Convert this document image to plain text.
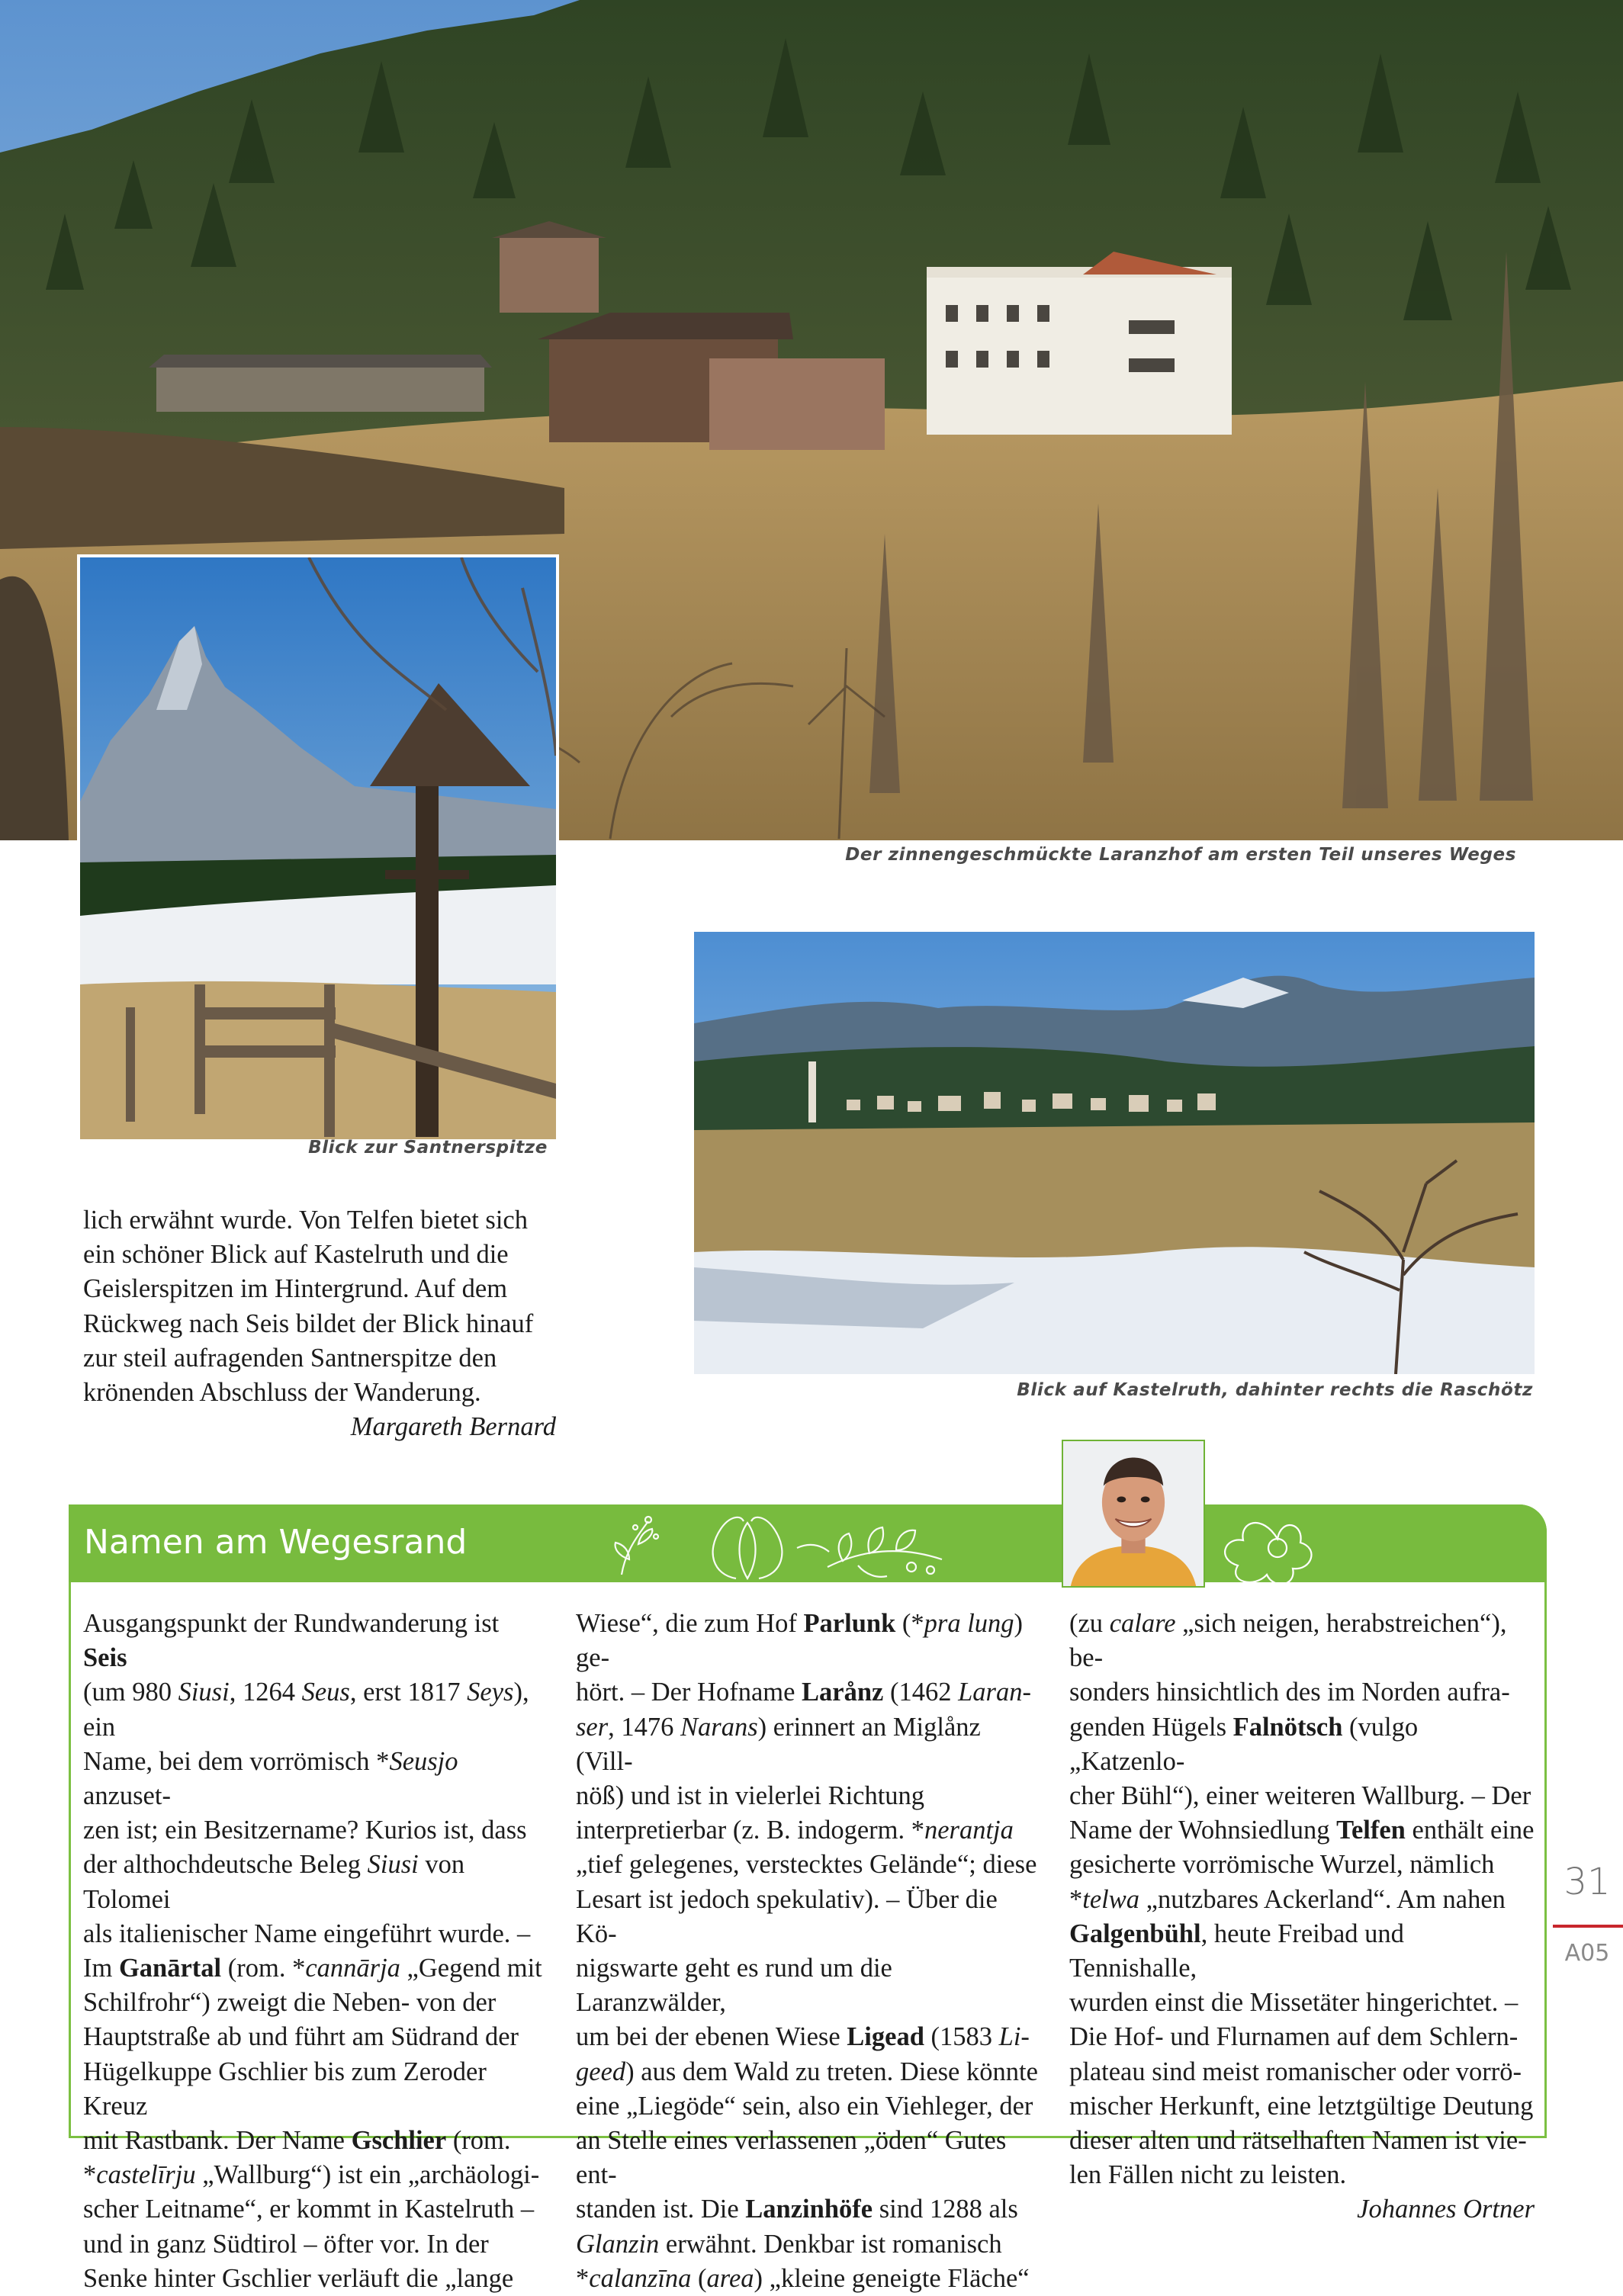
Blick zur Santnerspitze
Blick auf Kastelruth, dahinter rechts die Raschötz
Der zinnengeschmückte Laranzhof am ersten Teil unseres Weges

lich erwähnt wurde. Von Telfen bietet sich

ein schöner Blick auf Kastelruth und die

Geislerspitzen im Hintergrund. Auf dem

Rückweg nach Seis bildet der Blick hinauf

zur steil aufragenden Santnerspitze den

krönenden Abschluss der Wanderung.

Margareth Bernard

Namen am Wegesrand

Ausgangspunkt der Rundwanderung ist Seis

(um 980 Siusi, 1264 Seus, erst 1817 Seys), ein

Name, bei dem vorrömisch *Seusjo anzuset-

zen ist; ein Besitzername? Kurios ist, dass

der althochdeutsche Beleg Siusi von Tolomei

als italienischer Name eingeführt wurde. –

Im Ganārtal (rom. *cannārja „Gegend mit

Schilfrohr“) zweigt die Neben- von der

Hauptstraße ab und führt am Südrand der

Hügelkuppe Gschlier bis zum Zeroder Kreuz

mit Rastbank. Der Name Gschlier (rom.

*castelīrju „Wallburg“) ist ein „archäologi-

scher Leitname“, er kommt in Kastelruth –

und in ganz Südtirol – öfter vor. In der

Senke hinter Gschlier verläuft die „lange

Wiese“, die zum Hof Parlunk (*pra lung) ge-

hört. – Der Hofname Larånz (1462 Laran-

ser, 1476 Narans) erinnert an Miglånz (Vill-

nöß) und ist in vielerlei Richtung

interpretierbar (z. B. indogerm. *nerantja

„tief gelegenes, verstecktes Gelände“; diese

Lesart ist jedoch spekulativ). – Über die Kö-

nigswarte geht es rund um die Laranzwälder,

um bei der ebenen Wiese Ligead (1583 Li-

geed) aus dem Wald zu treten. Diese könnte

eine „Liegöde“ sein, also ein Viehleger, der

an Stelle eines verlassenen „öden“ Gutes ent-

standen ist. Die Lanzinhöfe sind 1288 als

Glanzin erwähnt. Denkbar ist romanisch

*calanzīna (area) „kleine geneigte Fläche“

(zu calare „sich neigen, herabstreichen“), be-

sonders hinsichtlich des im Norden aufra-

genden Hügels Falnötsch (vulgo „Katzenlo-

cher Bühl“), einer weiteren Wallburg. – Der

Name der Wohnsiedlung Telfen enthält eine

gesicherte vorrömische Wurzel, nämlich

*telwa „nutzbares Ackerland“. Am nahen

Galgenbühl, heute Freibad und Tennishalle,

wurden einst die Missetäter hingerichtet. –

Die Hof- und Flurnamen auf dem Schlern-

plateau sind meist romanischer oder vorrö-

mischer Herkunft, eine letztgültige Deutung

dieser alten und rätselhaften Namen ist vie-

len Fällen nicht zu leisten.

Johannes Ortner

31
A05
